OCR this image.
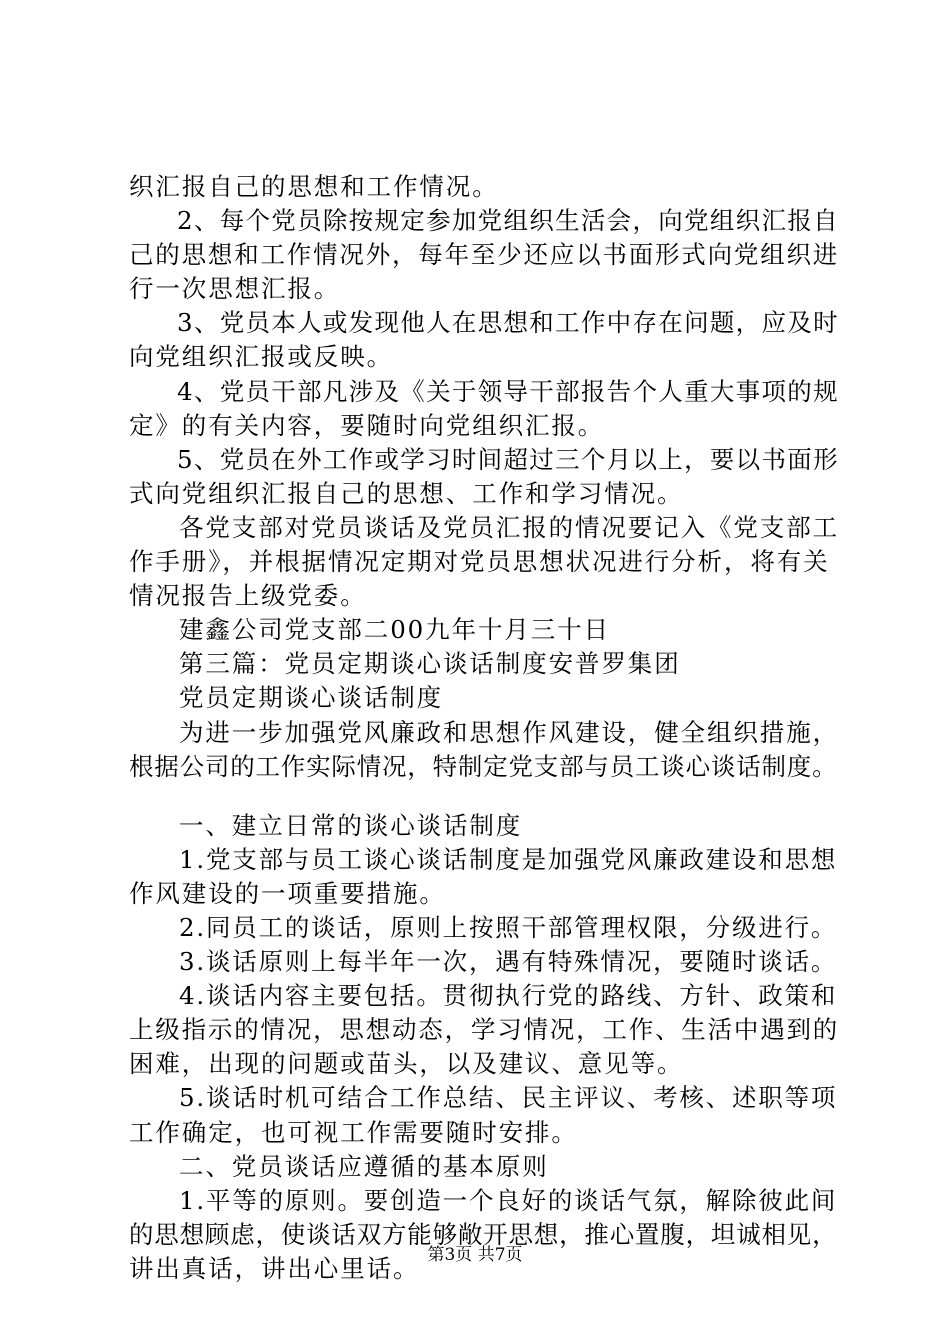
织汇报自己的思想和工作情况。
2、每个党员除按规定参加党组织生活会，向党组织汇报自
己的思想和工作情况外，每年至少还应以书面形式向党组织进
行一次思想汇报。
3、党员本人或发现他人在思想和工作中存在问题，应及时
向党组织汇报或反映。
4、党员干部凡涉及《关于领导干部报告个人重大事项的规
定》的有关内容，要随时向党组织汇报。
5、党员在外工作或学习时间超过三个月以上，要以书面形
式向党组织汇报自己的思想、工作和学习情况。
各党支部对党员谈话及党员汇报的情况要记入《党支部工
作手册》，并根据情况定期对党员思想状况进行分析，将有关
情况报告上级党委。
建鑫公司党支部二00九年十月三十日
第三篇：党员定期谈心谈话制度安普罗集团
党员定期谈心谈话制度
为进一步加强党风廉政和思想作风建设，健全组织措施，
根据公司的工作实际情况，特制定党支部与员工谈心谈话制度。
一、建立日常的谈心谈话制度
1.党支部与员工谈心谈话制度是加强党风廉政建设和思想
作风建设的一项重要措施。
2.同员工的谈话，原则上按照干部管理权限，分级进行。
3.谈话原则上每半年一次，遇有特殊情况，要随时谈话。
4.谈话内容主要包括。贯彻执行党的路线、方针、政策和
上级指示的情况，思想动态，学习情况，工作、生活中遇到的
困难，出现的问题或苗头，以及建议、意见等。
5.谈话时机可结合工作总结、民主评议、考核、述职等项
工作确定，也可视工作需要随时安排。
二、党员谈话应遵循的基本原则
1.平等的原则。要创造一个良好的谈话气氛，解除彼此间
的思想顾虑，使谈话双方能够敞开思想，推心置腹，坦诚相见，
讲出真话，讲出心里话。 第3页 共7页
